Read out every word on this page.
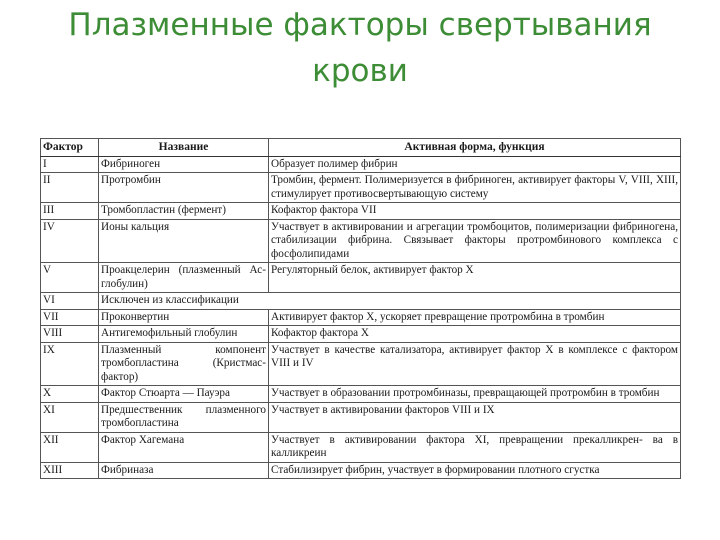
Плазменные факторы свертывания
крови
Фактор	Название	Активная форма, функция
I	Фибриноген	Образует полимер фибрин
II	Протромбин	Тромбин, фермент. Полимеризуется в фибриноген, активирует факторы V, VIII, XIII, стимулирует противосвертывающую систему
III	Тромбопластин (фермент)	Кофактор фактора VII
IV	Ионы кальция	Участвует в активировании и агрегации тромбоцитов, полимеризации фибриногена, стабилизации фибрина. Связывает факторы протромбинового комплекса с фосфолипидами
V	Проакцелерин (плазменный Ас-глобулин)	Регуляторный белок, активирует фактор X
VI	Исключен из классификации	
VII	Проконвертин	Активирует фактор X, ускоряет превращение протромбина в тромбин
VIII	Антигемофильный глобулин	Кофактор фактора X
IX	Плазменный компонент тромбопластина (Кристмас-фактор)	Участвует в качестве катализатора, активирует фактор X в комплексе с фактором VIII и IV
X	Фактор Стюарта — Пауэра	Участвует в образовании протромбиназы, превращающей протромбин в тромбин
XI	Предшественник плазменного тромбопластина	Участвует в активировании факторов VIII и IX
XII	Фактор Хагемана	Участвует в активировании фактора XI, превращении прекалликрен- ва в калликреин
XIII	Фибриназа	Стабилизирует фибрин, участвует в формировании плотного сгустка
